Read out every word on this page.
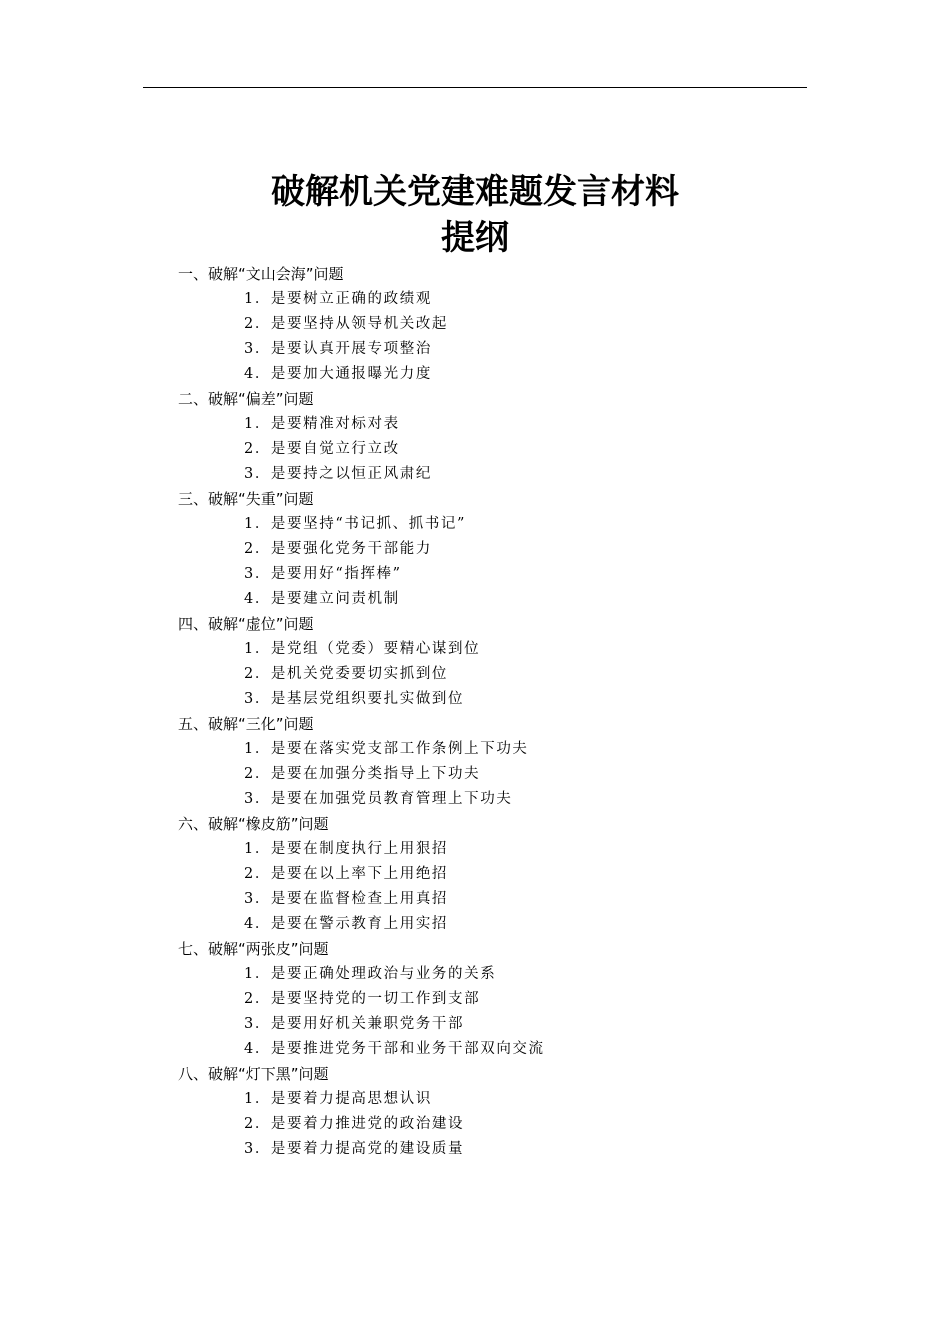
破解机关党建难题发言材料
提纲
一、破解“文山会海”问题
1．是要树立正确的政绩观
2．是要坚持从领导机关改起
3．是要认真开展专项整治
4．是要加大通报曝光力度
二、破解“偏差”问题
1．是要精准对标对表
2．是要自觉立行立改
3．是要持之以恒正风肃纪
三、破解“失重”问题
1．是要坚持“书记抓、抓书记”
2．是要强化党务干部能力
3．是要用好“指挥棒”
4．是要建立问责机制
四、破解“虚位”问题
1．是党组（党委）要精心谋到位
2．是机关党委要切实抓到位
3．是基层党组织要扎实做到位
五、破解“三化”问题
1．是要在落实党支部工作条例上下功夫
2．是要在加强分类指导上下功夫
3．是要在加强党员教育管理上下功夫
六、破解“橡皮筋”问题
1．是要在制度执行上用狠招
2．是要在以上率下上用绝招
3．是要在监督检查上用真招
4．是要在警示教育上用实招
七、破解“两张皮”问题
1．是要正确处理政治与业务的关系
2．是要坚持党的一切工作到支部
3．是要用好机关兼职党务干部
4．是要推进党务干部和业务干部双向交流
八、破解“灯下黑”问题
1．是要着力提高思想认识
2．是要着力推进党的政治建设
3．是要着力提高党的建设质量
